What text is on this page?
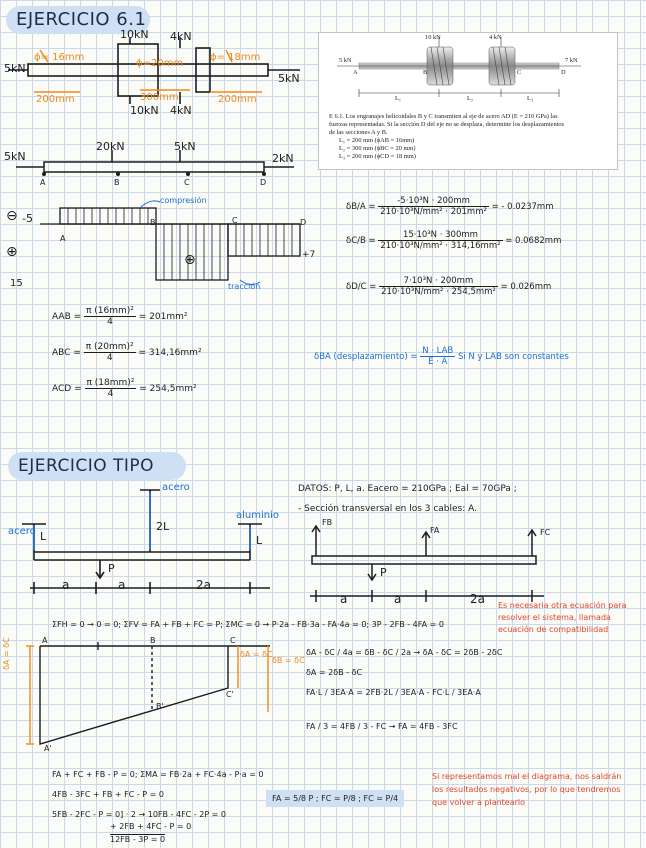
EJERCICIO 6.1
10kN 4kN
5kN
5kN
10kN 4kN
ϕ= 16mm
ϕ=20mm
ϕ= 18mm
200mm	300mm	200mm
10 kN	4 kN
5 kN	7 kN
A	B	C	D
L₁	L₂	L₃
E 6.1. Los engranajes helicoidales B y C transmiten al eje de acero AD (E = 210 GPa) las
fuerzas representadas. Si la sección D del eje no se desplaza, determine los desplazamientos
de las secciones A y B.
L₁ = 200 mm (ϕAB = 16mm)
L₂ = 300 mm (ϕBC = 20 mm)
L₃ = 200 mm (ϕCD = 18 mm)
5kN
20kN	5kN
2kN
A	B	C	D
compresión
tracción
-5
⊖
⊕	⊕
15
+7
A
B	C	D
AAB = $\frac{\text{π (16mm)²}}{4} = 201mm^2$
ABC = $\frac{\text{π (20mm)²}}{4} = 314,16mm^2$
ACD = $\frac{\text{π (18mm)²}}{4} = 254,5mm^2$
$\delta B/A = \frac{\text{-5·10³N · 200mm}}{\text{210·10³N/mm² · 201mm²}}$ = - 0.0237mm
$\delta C/B = \frac{\text{15·10³N · 300mm}}{\text{210·10³N/mm² · 314,16mm²}} = 0.0682mm$
$\delta D/C = \frac{\text{7·10³N · 200mm}}{\text{210·10³N/mm² · 254,5mm²}} = 0.026mm$
δBA (desplazamiento) = $\frac{\text{N · LAB}}{E \cdot A}$ Si N y LAB son constantes
EJERCICIO TIPO
acero
acero
aluminio
2L
L	L
P
a	a	2a
DATOS: P, L, a. Eacero = 210GPa ; Eal = 70GPa ;
- Sección transversal en los 3 cables: A.
FB
FA	FC
P
a	a	2a
ΣFH = 0 → 0 = 0; ΣFV = FA + FB + FC = P; ΣMC = 0 → P·2a - FB·3a - FA·4a = 0; 3P - 2FB - 4FA = 0
Es necesaria otra ecuación para resolver el sistema, llamada ecuación de compatibilidad
δA = δC	δA = δC
δB = δC
A	B	C
A'
B'
C'
δA - δC / 4a = δB - δC / 2a → δA - δC = 2δB - 2δC
δA = 2δB - δC
FA·L / 3EA·A = 2FB·2L / 3EA·A - FC·L / 3EA·A
FA / 3 = 4FB / 3 - FC → FA = 4FB - 3FC
FA + FC + FB - P = 0; ΣMA = FB·2a + FC·4a - P·a = 0
4FB - 3FC + FB + FC - P = 0
5FB - 2FC - P = 0] · 2 → 10FB - 4FC - 2P = 0
+ 2FB + 4FC - P = 0
12FB - 3P = 0
FA = 5/8 P ; FC = P/8 ; FC = P/4
Si representamos mal el diagrama, nos saldrán los resultados negativos, por lo que tendremos que volver a plantearlo
